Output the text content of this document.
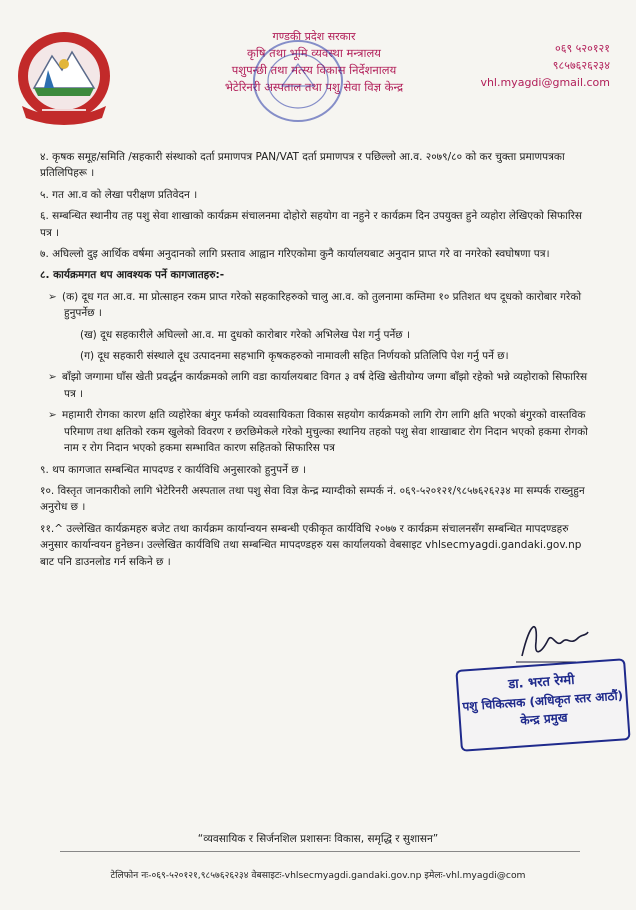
गण्डकी प्रदेश सरकार
कृषि तथा भूमि व्यवस्था मन्त्रालय
पशुपन्छी तथा मत्स्य विकास निर्देशनालय
भेटेरिनरी अस्पताल तथा पशु सेवा विज्ञ केन्द्र
०६९ ५२०१२१
९८५७६२६२३४
vhl.myagdi@gmail.com

४. कृषक समूह/समिति /सहकारी संस्थाको दर्ता प्रमाणपत्र PAN/VAT दर्ता प्रमाणपत्र र पछिल्लो आ.व. २०७९/८० को कर चुक्ता प्रमाणपत्रका प्रतिलिपिहरू ।

५. गत आ.व को लेखा परीक्षण प्रतिवेदन ।

६. सम्बन्धित स्थानीय तह पशु सेवा शाखाको कार्यक्रम संचालनमा दोहोरो सहयोग वा नहुने र कार्यक्रम दिन उपयुक्त हुने व्यहोरा लेखिएको सिफारिस पत्र ।

७. अघिल्लो दुइ आर्थिक वर्षमा अनुदानको लागि प्रस्ताव आह्वान गरिएकोमा कुनै कार्यालयबाट अनुदान प्राप्त गरे वा नगरेको स्वघोषणा पत्र।

८. कार्यक्रमगत थप आवश्यक पर्ने कागजातहरु:-

➢ (क) दूध गत आ.व. मा प्रोत्साहन रकम प्राप्त गरेको सहकारिहरुको चालु आ.व. को तुलनामा कम्तिमा १० प्रतिशत थप दूधको कारोबार गरेको हुनुपर्नेछ ।

(ख) दूध सहकारीले अघिल्लो आ.व. मा दुधको कारोबार गरेको अभिलेख पेश गर्नु पर्नेछ ।

(ग) दूध सहकारी संस्थाले दूध उत्पादनमा सहभागि कृषकहरुको नामावली सहित निर्णयको प्रतिलिपि पेश गर्नु पर्ने छ।

➢ बाँझो जग्गामा घाँस खेती प्रवर्द्धन कार्यक्रमको लागि वडा कार्यालयबाट विगत ३ वर्ष देखि खेतीयोग्य जग्गा बाँझो रहेको भन्ने व्यहोराको सिफारिस पत्र ।

➢ महामारी रोगका कारण क्षति व्यहोरेका बंगुर फर्मको व्यवसायिकता विकास सहयोग कार्यक्रमको लागि रोग लागि क्षति भएको बंगुरको वास्तविक परिमाण तथा क्षतिको रकम खुलेको विवरण र छरछिमेकले गरेको मुचुल्का स्थानिय तहको पशु सेवा शाखाबाट रोग निदान भएको हकमा रोगको नाम र रोग निदान भएको हकमा सम्भावित कारण सहितको सिफारिस पत्र

९. थप कागजात सम्बन्धित मापदण्ड र कार्यविधि अनुसारको हुनुपर्ने छ ।

१०. विस्तृत जानकारीको लागि भेटेरिनरी अस्पताल तथा पशु सेवा विज्ञ केन्द्र म्याग्दीको सम्पर्क नं. ०६९-५२०१२१/९८५७६२६२३४ मा सम्पर्क राख्नुहुन अनुरोध छ ।

११.^ उल्लेखित कार्यक्रमहरु बजेट तथा कार्यक्रम कार्यान्वयन सम्बन्धी एकीकृत कार्यविधि २०७७ र कार्यक्रम संचालनसँग सम्बन्धित मापदण्डहरु अनुसार कार्यान्वयन हुनेछन। उल्लेखित कार्यविधि तथा सम्बन्धित मापदण्डहरु यस कार्यालयको वेबसाइट vhlsecmyagdi.gandaki.gov.np बाट पनि डाउनलोड गर्न सकिने छ ।

डा. भरत रेग्मी
पशु चिकित्सक (अधिकृत स्तर आठौं)
केन्द्र प्रमुख
“व्यवसायिक र सिर्जनशिल प्रशासनः विकास, समृद्धि र सुशासन”
टेलिफोन नः-०६९-५२०१२१,९८५७६२६२३४ वेबसाइटः-vhlsecmyagdi.gandaki.gov.np इमेलः-vhl.myagdi@com
